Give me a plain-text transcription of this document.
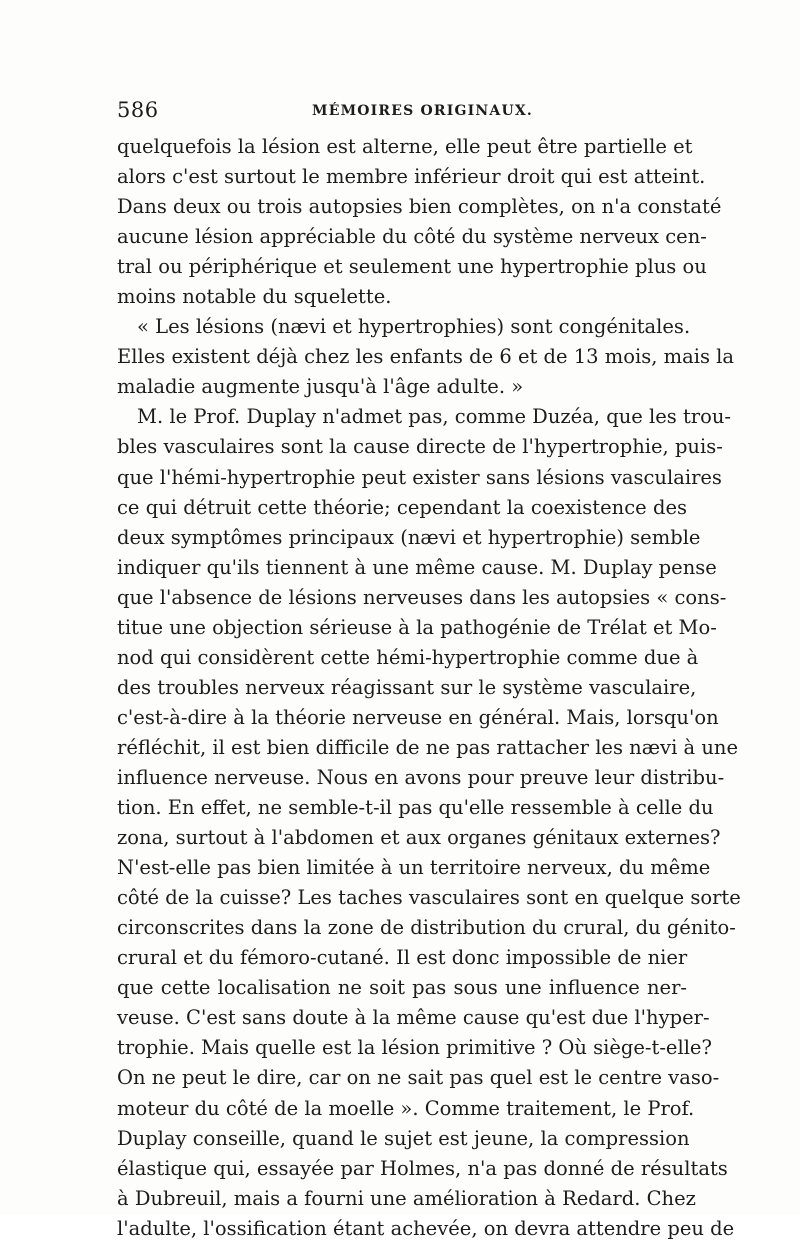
586	MÉMOIRES ORIGINAUX.
quelquefois la lésion est alterne, elle peut être partielle et
alors c'est surtout le membre inférieur droit qui est atteint.
Dans deux ou trois autopsies bien complètes, on n'a constaté
aucune lésion appréciable du côté du système nerveux cen-
tral ou périphérique et seulement une hypertrophie plus ou
moins notable du squelette.
« Les lésions (nævi et hypertrophies) sont congénitales.
Elles existent déjà chez les enfants de 6 et de 13 mois, mais la
maladie augmente jusqu'à l'âge adulte. »
M. le Prof. Duplay n'admet pas, comme Duzéa, que les trou-
bles vasculaires sont la cause directe de l'hypertrophie, puis-
que l'hémi-hypertrophie peut exister sans lésions vasculaires
ce qui détruit cette théorie; cependant la coexistence des
deux symptômes principaux (nævi et hypertrophie) semble
indiquer qu'ils tiennent à une même cause. M. Duplay pense
que l'absence de lésions nerveuses dans les autopsies « cons-
titue une objection sérieuse à la pathogénie de Trélat et Mo-
nod qui considèrent cette hémi-hypertrophie comme due à
des troubles nerveux réagissant sur le système vasculaire,
c'est-à-dire à la théorie nerveuse en général. Mais, lorsqu'on
réfléchit, il est bien difficile de ne pas rattacher les nævi à une
influence nerveuse. Nous en avons pour preuve leur distribu-
tion. En effet, ne semble-t-il pas qu'elle ressemble à celle du
zona, surtout à l'abdomen et aux organes génitaux externes?
N'est-elle pas bien limitée à un territoire nerveux, du même
côté de la cuisse? Les taches vasculaires sont en quelque sorte
circonscrites dans la zone de distribution du crural, du génito-
crural et du fémoro-cutané. Il est donc impossible de nier
que cette localisation ne soit pas sous une influence ner-
veuse. C'est sans doute à la même cause qu'est due l'hyper-
trophie. Mais quelle est la lésion primitive ? Où siège-t-elle?
On ne peut le dire, car on ne sait pas quel est le centre vaso-
moteur du côté de la moelle ». Comme traitement, le Prof.
Duplay conseille, quand le sujet est jeune, la compression
élastique qui, essayée par Holmes, n'a pas donné de résultats
à Dubreuil, mais a fourni une amélioration à Redard. Chez
l'adulte, l'ossification étant achevée, on devra attendre peu de
